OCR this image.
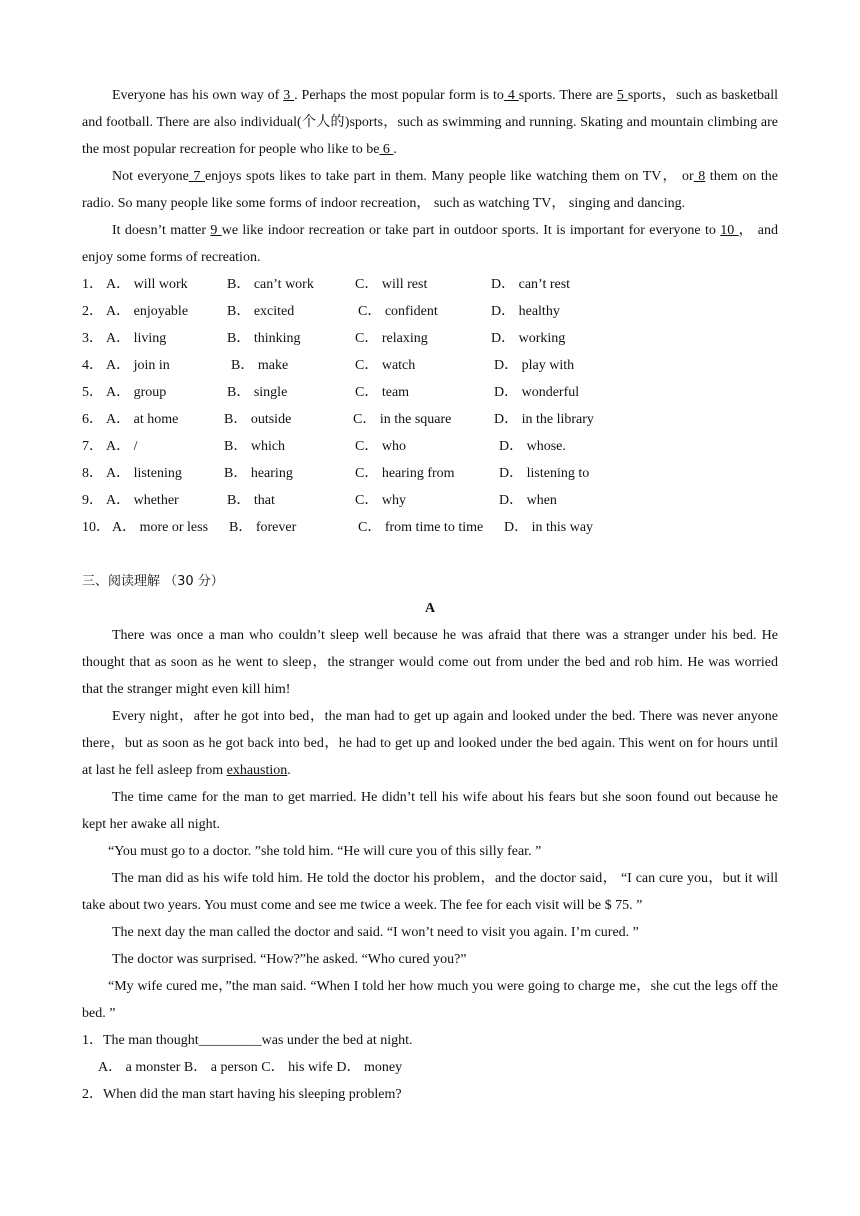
Everyone has his own way of 3 . Perhaps the most popular form is to 4 sports. There are 5 sports，such as basketball and football. There are also individual(个人的)sports，such as swimming and running. Skating and mountain climbing are the most popular recreation for people who like to be 6 .

Not everyone 7 enjoys spots likes to take part in them. Many people like watching them on TV， or 8 them on the radio. So many people like some forms of indoor recreation， such as watching TV， singing and dancing.

It doesn’t matter 9 we like indoor recreation or take part in outdoor sports. It is important for everyone to 10 ， and enjoy some forms of recreation.

1． A． will work	B． can’t work	C． will rest	D． can’t rest
2． A． enjoyable	B． excited	C． confident	D． healthy
3． A． living	B． thinking	C． relaxing	D． working
4． A． join in	B． make	C． watch	D． play with
5． A． group	B． single	C． team	D． wonderful
6． A． at home	B． outside	C． in the square	D． in the library
7． A． /	B． which	C． who	D． whose.
8． A． listening	B． hearing	C． hearing from	D． listening to
9． A． whether	B． that	C． why	D． when
10． A． more or less B． forever	C． from time to time D． in this way
三、阅读理解 （30 分）
A

There was once a man who couldn’t sleep well because he was afraid that there was a stranger under his bed. He thought that as soon as he went to sleep，the stranger would come out from under the bed and rob him. He was worried that the stranger might even kill him!

Every night，after he got into bed，the man had to get up again and looked under the bed. There was never anyone there，but as soon as he got back into bed，he had to get up and looked under the bed again. This went on for hours until at last he fell asleep from exhaustion.

The time came for the man to get married. He didn’t tell his wife about his fears but she soon found out because he kept her awake all night.

“You must go to a doctor. ”she told him. “He will cure you of this silly fear. ”

The man did as his wife told him. He told the doctor his problem，and the doctor said， “I can cure you，but it will take about two years. You must come and see me twice a week. The fee for each visit will be $ 75. ”

The next day the man called the doctor and said. “I won’t need to visit you again. I’m cured. ”

The doctor was surprised. “How?”he asked. “Who cured you?”

“My wife cured me，”the man said. “When I told her how much you were going to charge me，she cut the legs off the bed. ”

1．The man thought_________was under the bed at night.
A． a monster B． a person C． his wife D． money
2．When did the man start having his sleeping problem?
